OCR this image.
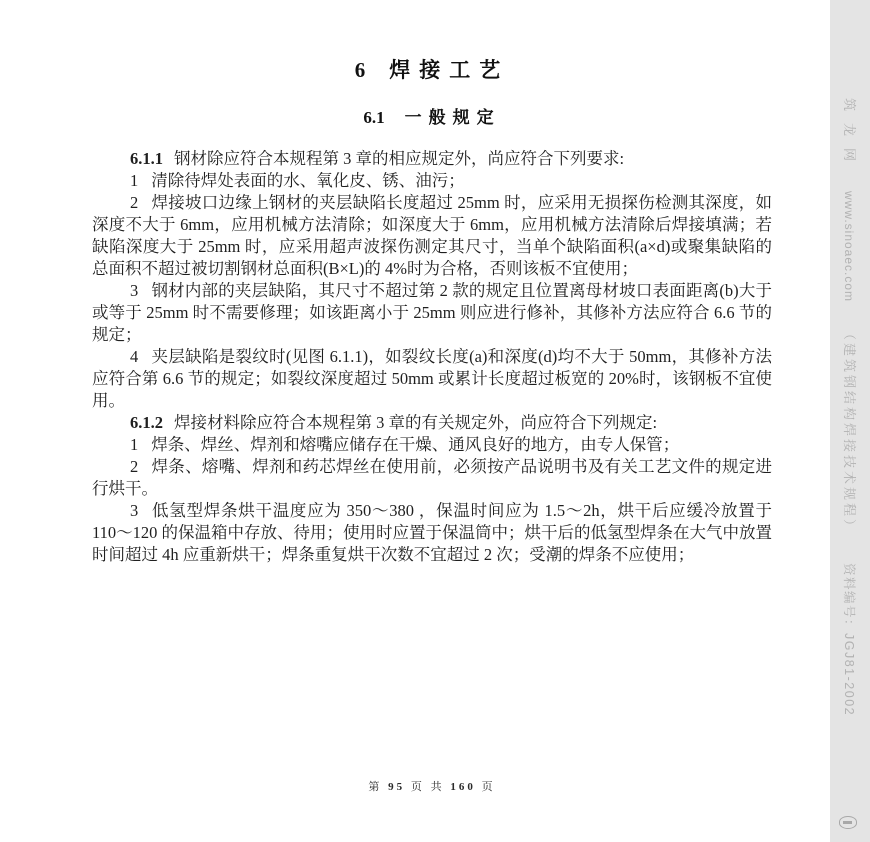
6 焊接工艺
6.1 一般规定

6.1.1 钢材除应符合本规程第 3 章的相应规定外，尚应符合下列要求:

1 清除待焊处表面的水、氧化皮、锈、油污；

2 焊接坡口边缘上钢材的夹层缺陷长度超过 25mm 时，应采用无损探伤检测其深度，如深度不大于 6mm，应用机械方法清除；如深度大于 6mm，应用机械方法清除后焊接填满；若缺陷深度大于 25mm 时，应采用超声波探伤测定其尺寸，当单个缺陷面积(a×d)或聚集缺陷的总面积不超过被切割钢材总面积(B×L)的 4%时为合格，否则该板不宜使用；

3 钢材内部的夹层缺陷，其尺寸不超过第 2 款的规定且位置离母材坡口表面距离(b)大于或等于 25mm 时不需要修理；如该距离小于 25mm 则应进行修补，其修补方法应符合 6.6 节的规定；

4 夹层缺陷是裂纹时(见图 6.1.1)，如裂纹长度(a)和深度(d)均不大于 50mm，其修补方法应符合第 6.6 节的规定；如裂纹深度超过 50mm 或累计长度超过板宽的 20%时，该钢板不宜使用。

6.1.2 焊接材料除应符合本规程第 3 章的有关规定外，尚应符合下列规定:

1 焊条、焊丝、焊剂和熔嘴应储存在干燥、通风良好的地方，由专人保管；

2 焊条、熔嘴、焊剂和药芯焊丝在使用前，必须按产品说明书及有关工艺文件的规定进行烘干。

3 低氢型焊条烘干温度应为 350～380 ，保温时间应为 1.5～2h，烘干后应缓冷放置于 110～120 的保温箱中存放、待用；使用时应置于保温筒中；烘干后的低氢型焊条在大气中放置时间超过 4h 应重新烘干；焊条重复烘干次数不宜超过 2 次；受潮的焊条不应使用；

第 95 页 共 160 页
筑龙网 www.sinoaec.com （建筑钢结构焊接技术规程） 资料编号：JGJ81-2002
